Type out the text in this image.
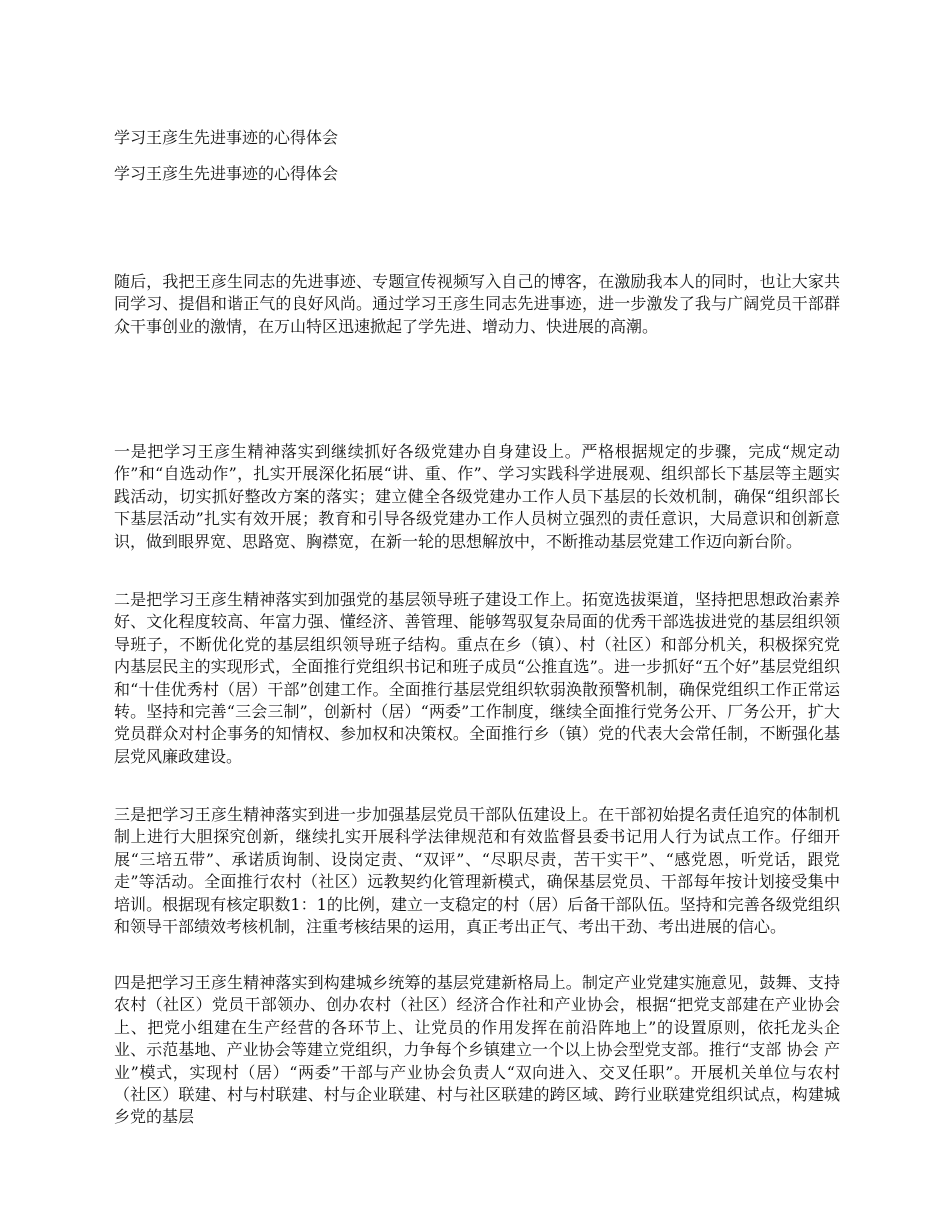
学习王彦生先进事迹的心得体会
学习王彦生先进事迹的心得体会
随后，我把王彦生同志的先进事迹、专题宣传视频写入自己的博客，在激励我本人的同时，也让大家共同学习、提倡和谐正气的良好风尚。通过学习王彦生同志先进事迹，进一步激发了我与广阔党员干部群众干事创业的激情，在万山特区迅速掀起了学先进、增动力、快进展的高潮。
一是把学习王彦生精神落实到继续抓好各级党建办自身建设上。严格根据规定的步骤，完成“规定动作”和“自选动作”，扎实开展深化拓展“讲、重、作”、学习实践科学进展观、组织部长下基层等主题实践活动，切实抓好整改方案的落实；建立健全各级党建办工作人员下基层的长效机制，确保“组织部长下基层活动”扎实有效开展；教育和引导各级党建办工作人员树立强烈的责任意识，大局意识和创新意识，做到眼界宽、思路宽、胸襟宽，在新一轮的思想解放中，不断推动基层党建工作迈向新台阶。
二是把学习王彦生精神落实到加强党的基层领导班子建设工作上。拓宽选拔渠道，坚持把思想政治素养好、文化程度较高、年富力强、懂经济、善管理、能够驾驭复杂局面的优秀干部选拔进党的基层组织领导班子，不断优化党的基层组织领导班子结构。重点在乡（镇）、村（社区）和部分机关，积极探究党内基层民主的实现形式，全面推行党组织书记和班子成员“公推直选”。进一步抓好“五个好”基层党组织和“十佳优秀村（居）干部”创建工作。全面推行基层党组织软弱涣散预警机制，确保党组织工作正常运转。坚持和完善“三会三制”，创新村（居）“两委”工作制度，继续全面推行党务公开、厂务公开，扩大党员群众对村企事务的知情权、参加权和决策权。全面推行乡（镇）党的代表大会常任制，不断强化基层党风廉政建设。
三是把学习王彦生精神落实到进一步加强基层党员干部队伍建设上。在干部初始提名责任追究的体制机制上进行大胆探究创新，继续扎实开展科学法律规范和有效监督县委书记用人行为试点工作。仔细开展“三培五带”、承诺质询制、设岗定责、“双评”、“尽职尽责，苦干实干”、“感党恩，听党话，跟党走”等活动。全面推行农村（社区）远教契约化管理新模式，确保基层党员、干部每年按计划接受集中培训。根据现有核定职数1：1的比例，建立一支稳定的村（居）后备干部队伍。坚持和完善各级党组织和领导干部绩效考核机制，注重考核结果的运用，真正考出正气、考出干劲、考出进展的信心。
四是把学习王彦生精神落实到构建城乡统筹的基层党建新格局上。制定产业党建实施意见，鼓舞、支持农村（社区）党员干部领办、创办农村（社区）经济合作社和产业协会，根据“把党支部建在产业协会上、把党小组建在生产经营的各环节上、让党员的作用发挥在前沿阵地上”的设置原则，依托龙头企业、示范基地、产业协会等建立党组织，力争每个乡镇建立一个以上协会型党支部。推行“支部 协会 产业”模式，实现村（居）“两委”干部与产业协会负责人“双向进入、交叉任职”。开展机关单位与农村（社区）联建、村与村联建、村与企业联建、村与社区联建的跨区域、跨行业联建党组织试点，构建城乡党的基层
